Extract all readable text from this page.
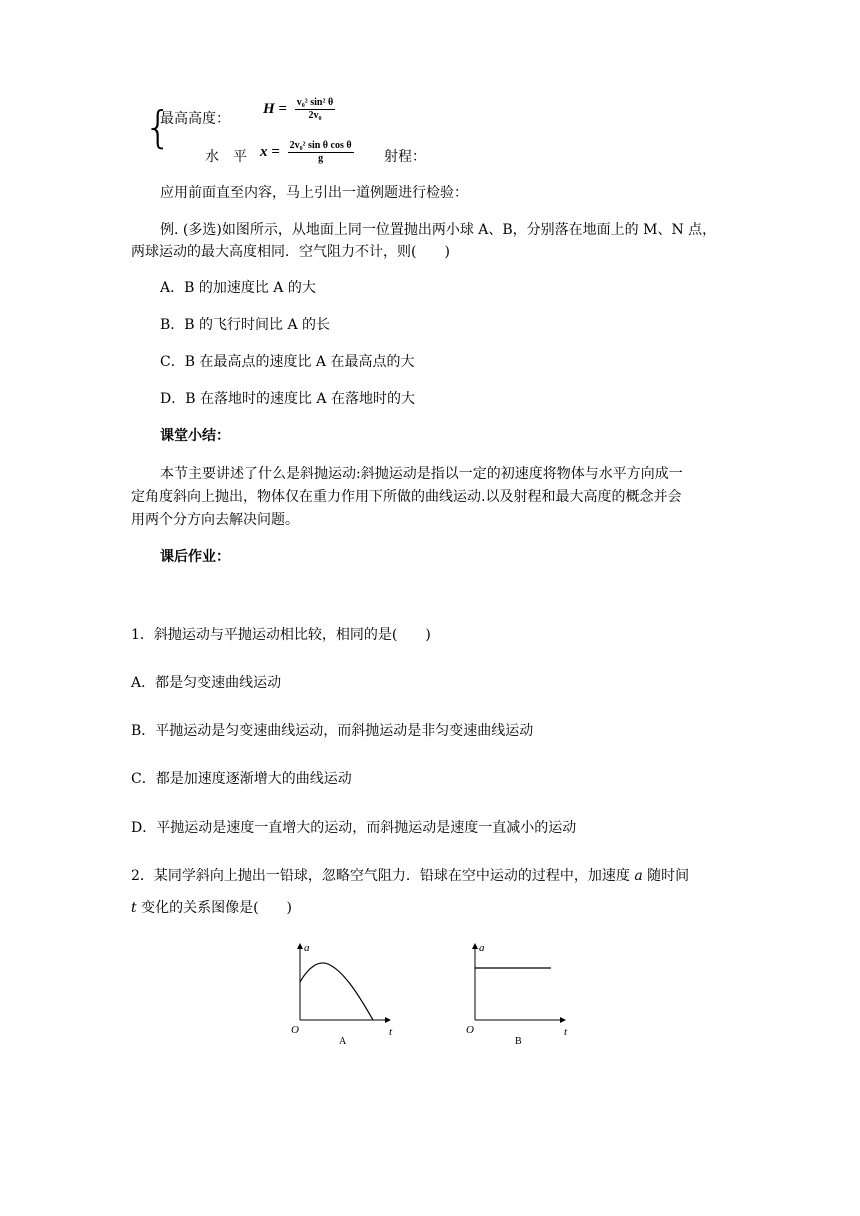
{
最高高度：
$H = \frac{\text{v₀² sin² θ}}{\text{2v₀}}$
水　平 $x = \frac{\text{2v₀² sin θ cos θ}}{g}$ 射程：
应用前面直至内容，马上引出一道例题进行检验：
例. (多选)如图所示，从地面上同一位置抛出两小球 A、B，分别落在地面上的 M、N 点，
两球运动的最大高度相同．空气阻力不计，则(　　)
A．B 的加速度比 A 的大
B．B 的飞行时间比 A 的长
C．B 在最高点的速度比 A 在最高点的大
D．B 在落地时的速度比 A 在落地时的大
课堂小结：
本节主要讲述了什么是斜抛运动:斜抛运动是指以一定的初速度将物体与水平方向成一
定角度斜向上抛出，物体仅在重力作用下所做的曲线运动.以及射程和最大高度的概念并会
用两个分方向去解决问题。
课后作业：
1．斜抛运动与平抛运动相比较，相同的是(　　)
A．都是匀变速曲线运动
B．平抛运动是匀变速曲线运动，而斜抛运动是非匀变速曲线运动
C．都是加速度逐渐增大的曲线运动
D．平抛运动是速度一直增大的运动，而斜抛运动是速度一直减小的运动
2．某同学斜向上抛出一铅球，忽略空气阻力．铅球在空中运动的过程中，加速度 a 随时间
t 变化的关系图像是(　　)
a
t
O
A
a
t
O
B
